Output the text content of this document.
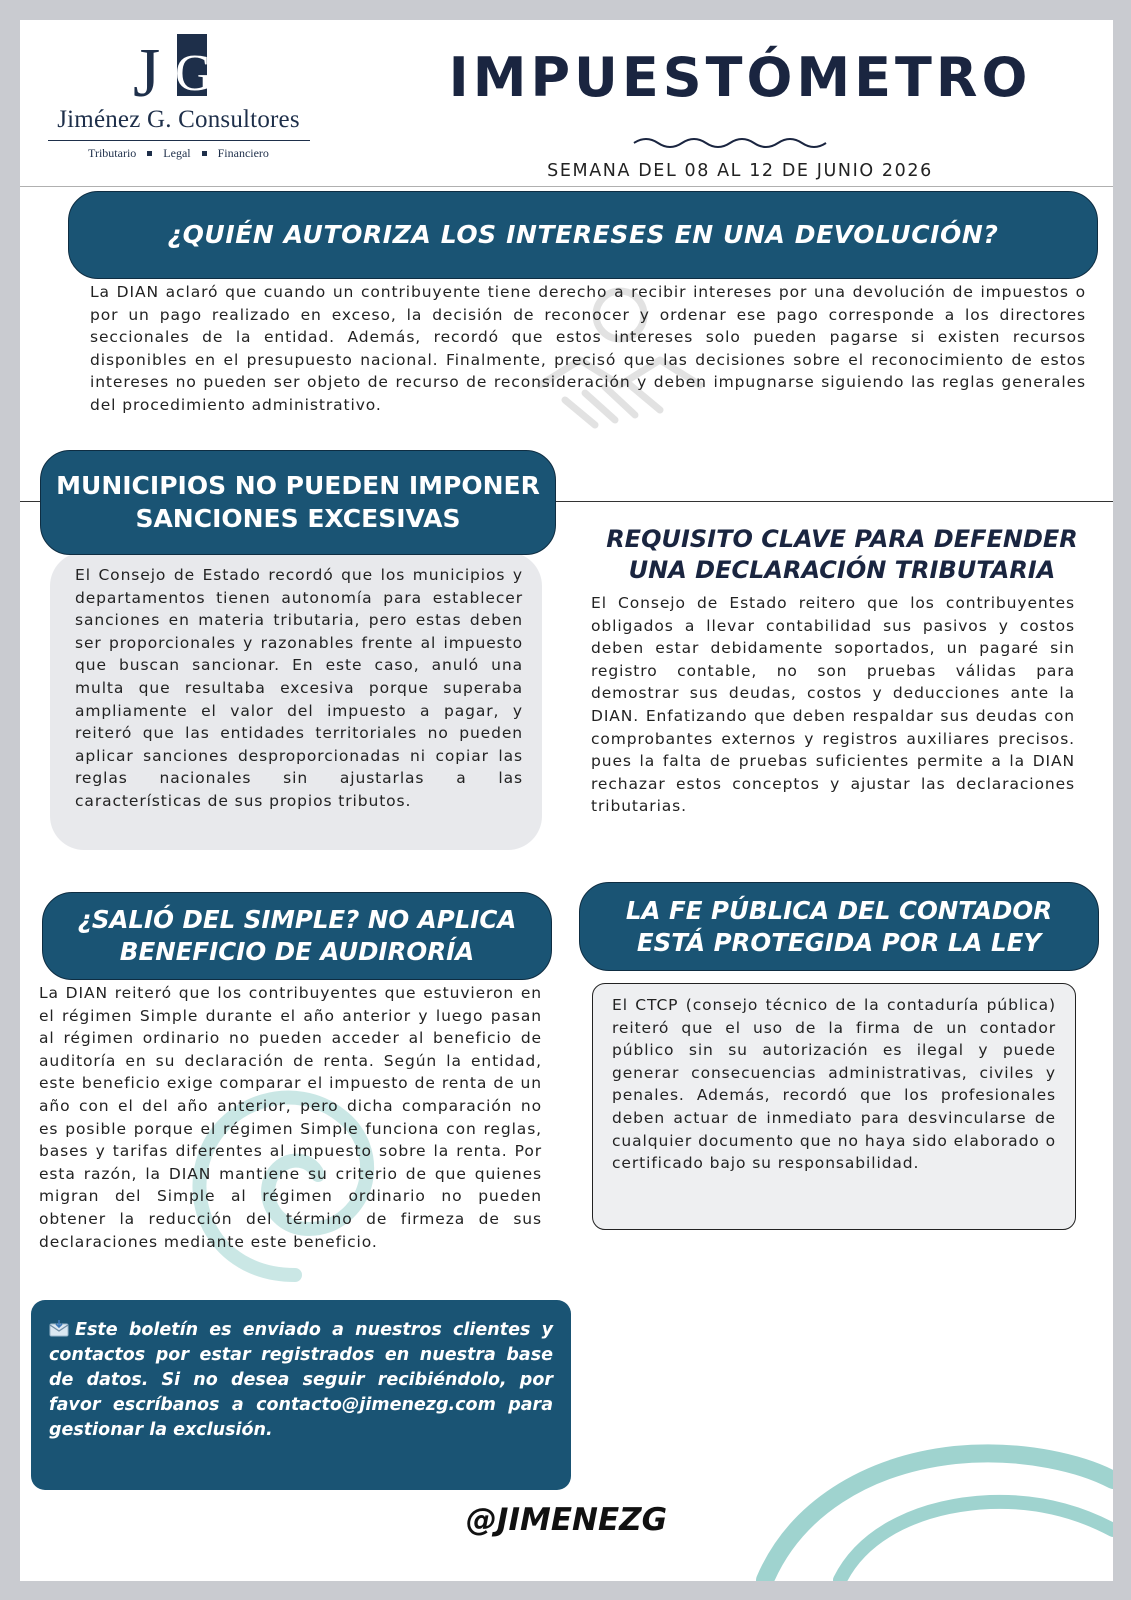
J G
Jiménez G. Consultores
Tributario Legal Financiero
IMPUESTÓMETRO
SEMANA DEL 08 AL 12 DE JUNIO 2026
¿QUIÉN AUTORIZA LOS INTERESES EN UNA DEVOLUCIÓN?
La DIAN aclaró que cuando un contribuyente tiene derecho a recibir intereses por una devolución de impuestos o por un pago realizado en exceso, la decisión de reconocer y ordenar ese pago corresponde a los directores seccionales de la entidad. Además, recordó que estos intereses solo pueden pagarse si existen recursos disponibles en el presupuesto nacional. Finalmente, precisó que las decisiones sobre el reconocimiento de estos intereses no pueden ser objeto de recurso de reconsideración y deben impugnarse siguiendo las reglas generales del procedimiento administrativo.
MUNICIPIOS NO PUEDEN IMPONER
SANCIONES EXCESIVAS
El Consejo de Estado recordó que los municipios y departamentos tienen autonomía para establecer sanciones en materia tributaria, pero estas deben ser proporcionales y razonables frente al impuesto que buscan sancionar. En este caso, anuló una multa que resultaba excesiva porque superaba ampliamente el valor del impuesto a pagar, y reiteró que las entidades territoriales no pueden aplicar sanciones desproporcionadas ni copiar las reglas nacionales sin ajustarlas a las características de sus propios tributos.
REQUISITO CLAVE PARA DEFENDER
UNA DECLARACIÓN TRIBUTARIA
El Consejo de Estado reitero que los contribuyentes obligados a llevar contabilidad sus pasivos y costos deben estar debidamente soportados, un pagaré sin registro contable, no son pruebas válidas para demostrar sus deudas, costos y deducciones ante la DIAN. Enfatizando que deben respaldar sus deudas con comprobantes externos y registros auxiliares precisos. pues la falta de pruebas suficientes permite a la DIAN rechazar estos conceptos y ajustar las declaraciones tributarias.
¿SALIÓ DEL SIMPLE? NO APLICA
BENEFICIO DE AUDIRORÍA
La DIAN reiteró que los contribuyentes que estuvieron en el régimen Simple durante el año anterior y luego pasan al régimen ordinario no pueden acceder al beneficio de auditoría en su declaración de renta. Según la entidad, este beneficio exige comparar el impuesto de renta de un año con el del año anterior, pero dicha comparación no es posible porque el régimen Simple funciona con reglas, bases y tarifas diferentes al impuesto sobre la renta. Por esta razón, la DIAN mantiene su criterio de que quienes migran del Simple al régimen ordinario no pueden obtener la reducción del término de firmeza de sus declaraciones mediante este beneficio.
LA FE PÚBLICA DEL CONTADOR
ESTÁ PROTEGIDA POR LA LEY
El CTCP (consejo técnico de la contaduría pública) reiteró que el uso de la firma de un contador público sin su autorización es ilegal y puede generar consecuencias administrativas, civiles y penales. Además, recordó que los profesionales deben actuar de inmediato para desvincularse de cualquier documento que no haya sido elaborado o certificado bajo su responsabilidad.
Este boletín es enviado a nuestros clientes y contactos por estar registrados en nuestra base de datos. Si no desea seguir recibiéndolo, por favor escríbanos a contacto@jimenezg.com para gestionar la exclusión.
@JIMENEZG
